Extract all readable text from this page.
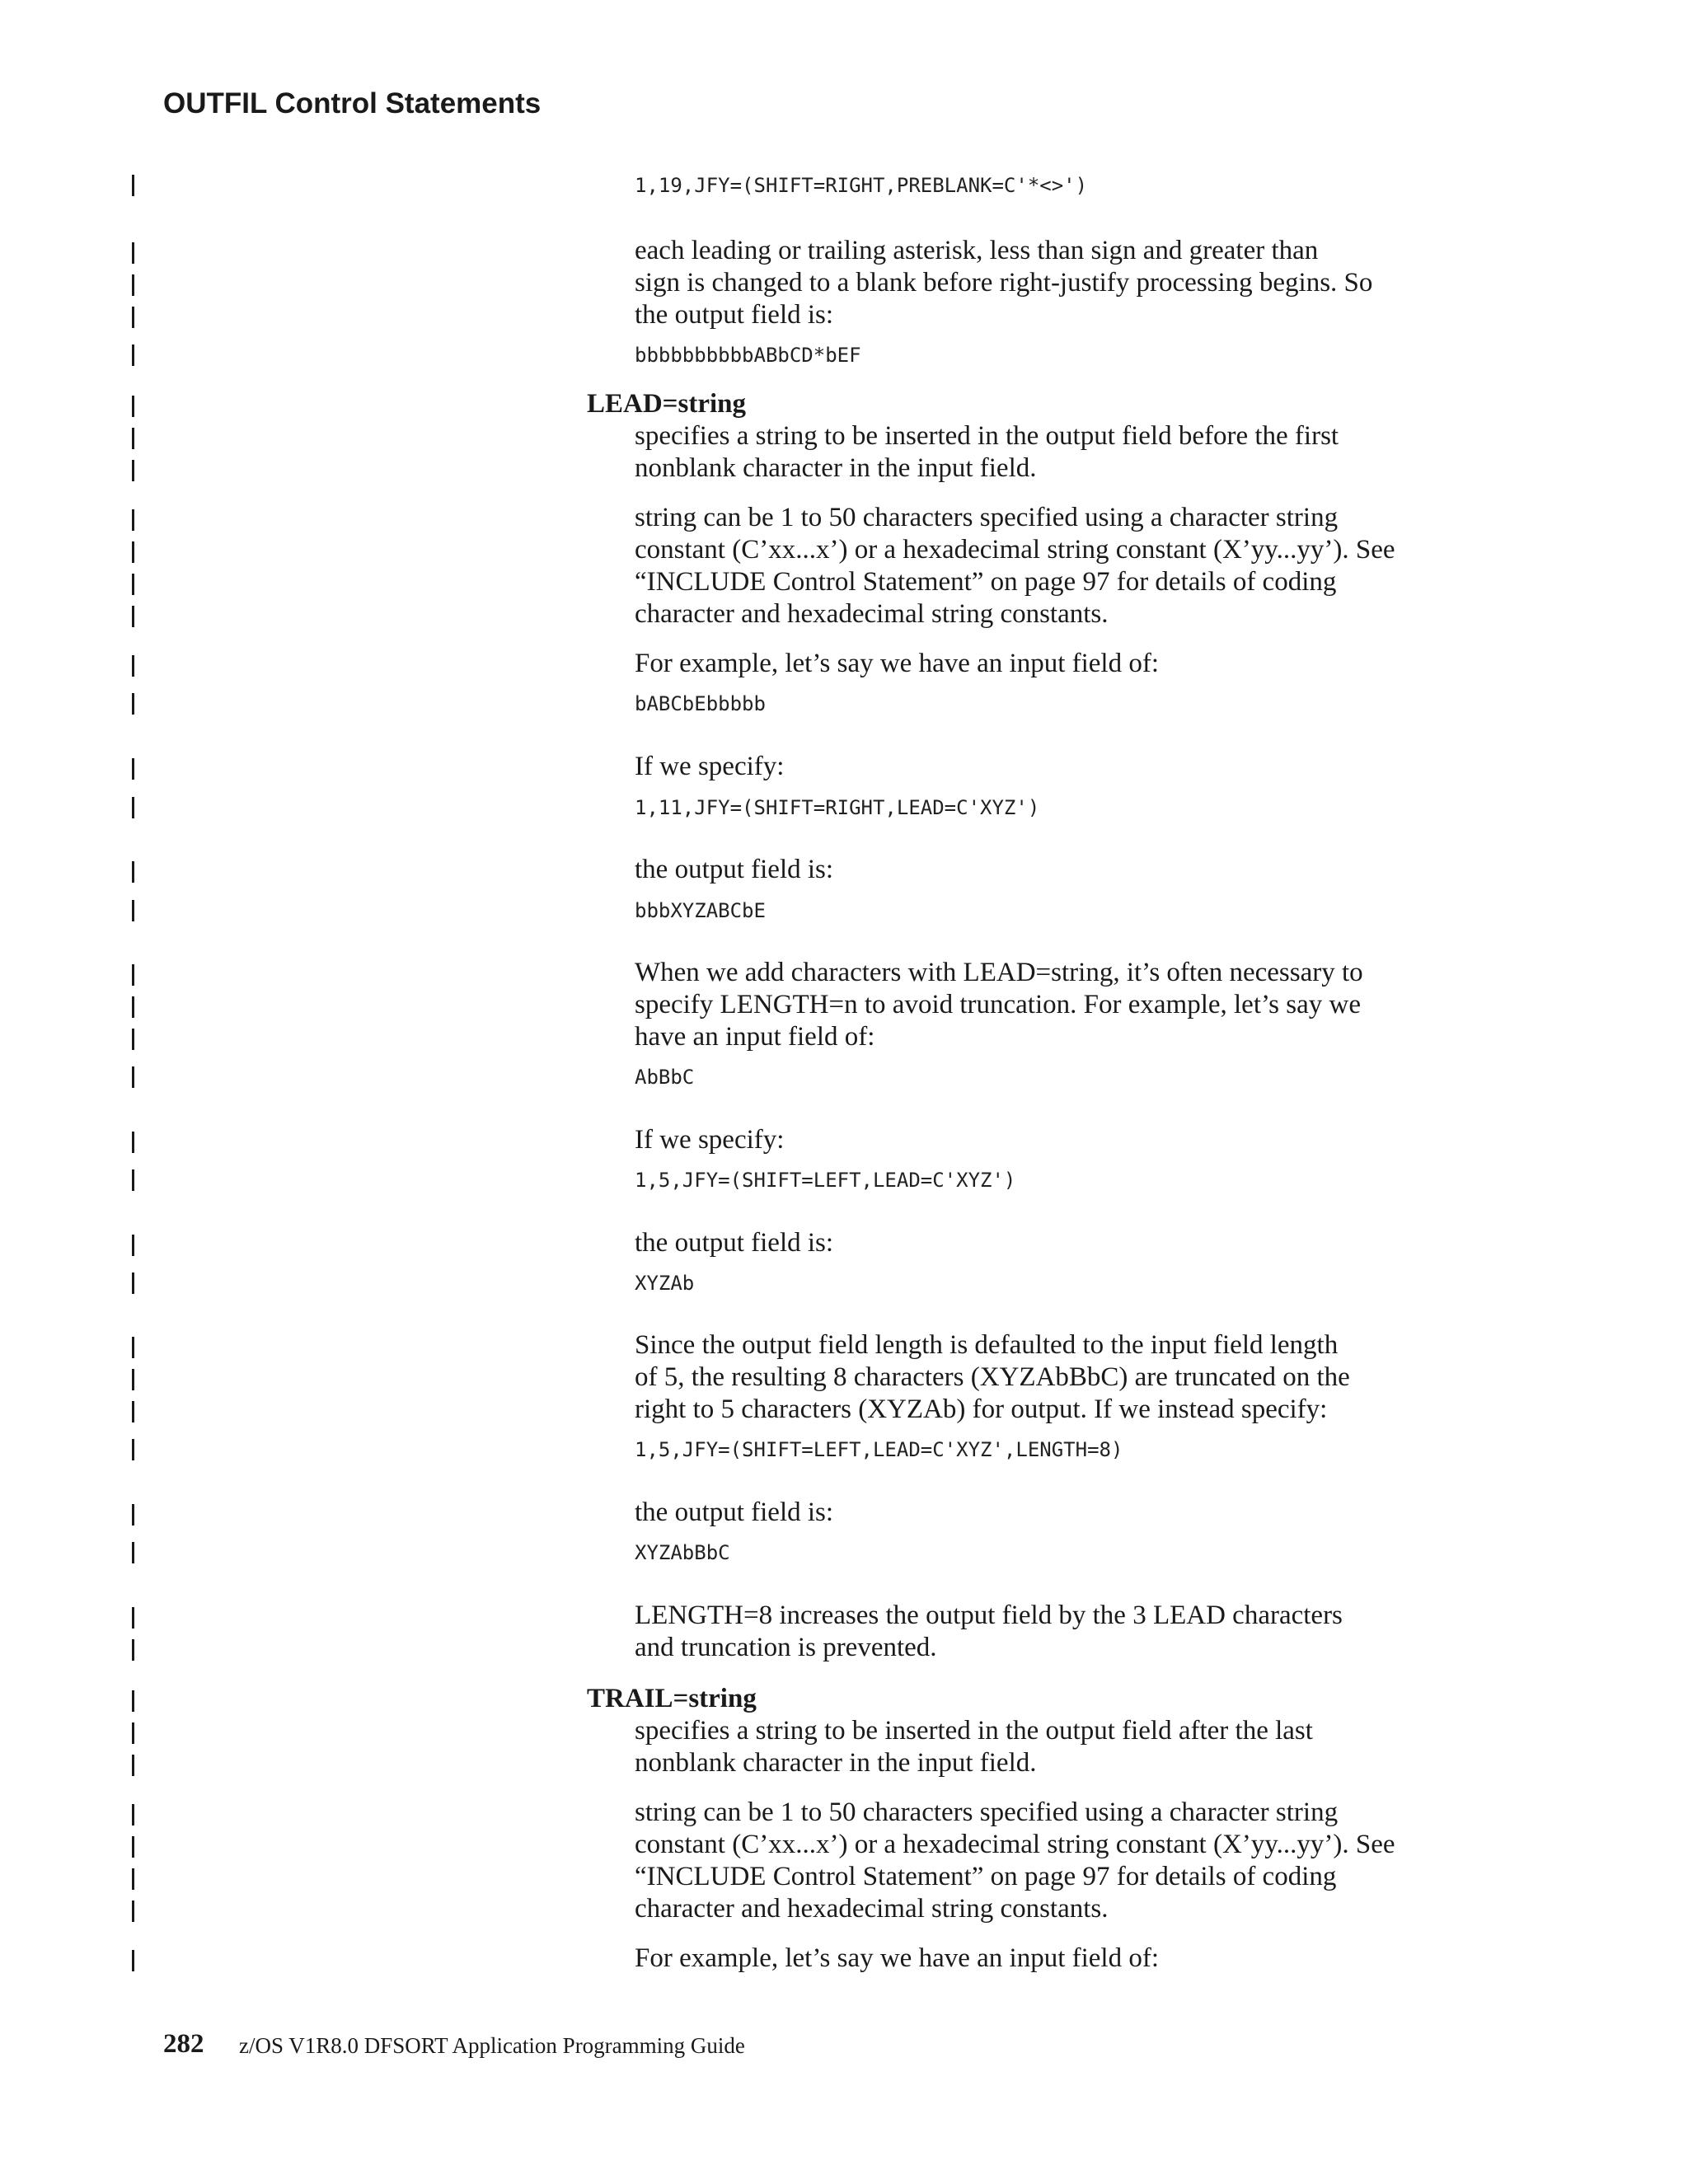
OUTFIL Control Statements
1,19,JFY=(SHIFT=RIGHT,PREBLANK=C'*<>')
each leading or trailing asterisk, less than sign and greater than
sign is changed to a blank before right-justify processing begins. So
the output field is:
bbbbbbbbbbABbCD*bEF
LEAD=string
specifies a string to be inserted in the output field before the first
nonblank character in the input field.
string can be 1 to 50 characters specified using a character string
constant (C’xx...x’) or a hexadecimal string constant (X’yy...yy’). See
“INCLUDE Control Statement” on page 97 for details of coding
character and hexadecimal string constants.
For example, let’s say we have an input field of:
bABCbEbbbbb
If we specify:
1,11,JFY=(SHIFT=RIGHT,LEAD=C'XYZ')
the output field is:
bbbXYZABCbE
When we add characters with LEAD=string, it’s often necessary to
specify LENGTH=n to avoid truncation. For example, let’s say we
have an input field of:
AbBbC
If we specify:
1,5,JFY=(SHIFT=LEFT,LEAD=C'XYZ')
the output field is:
XYZAb
Since the output field length is defaulted to the input field length
of 5, the resulting 8 characters (XYZAbBbC) are truncated on the
right to 5 characters (XYZAb) for output. If we instead specify:
1,5,JFY=(SHIFT=LEFT,LEAD=C'XYZ',LENGTH=8)
the output field is:
XYZAbBbC
LENGTH=8 increases the output field by the 3 LEAD characters
and truncation is prevented.
TRAIL=string
specifies a string to be inserted in the output field after the last
nonblank character in the input field.
string can be 1 to 50 characters specified using a character string
constant (C’xx...x’) or a hexadecimal string constant (X’yy...yy’). See
“INCLUDE Control Statement” on page 97 for details of coding
character and hexadecimal string constants.
For example, let’s say we have an input field of:
282 z/OS V1R8.0 DFSORT Application Programming Guide
